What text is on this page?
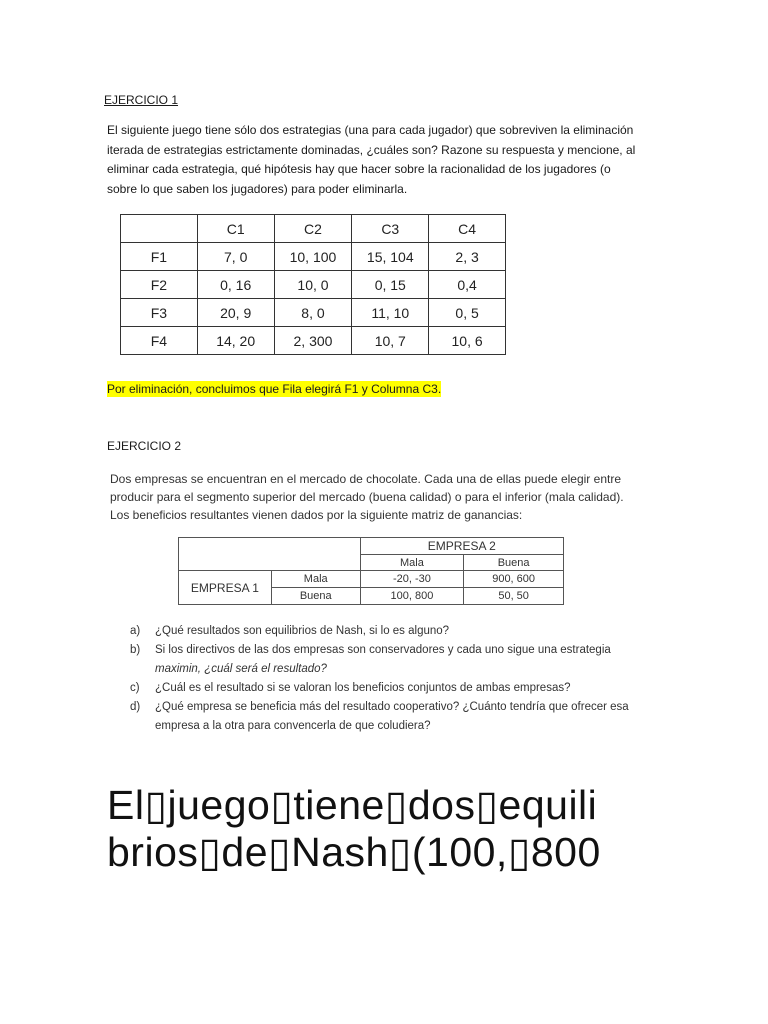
EJERCICIO 1
El siguiente juego tiene sólo dos estrategias (una para cada jugador) que sobreviven la eliminación
iterada de estrategias estrictamente dominadas, ¿cuáles son? Razone su respuesta y mencione, al
eliminar cada estrategia, qué hipótesis hay que hacer sobre la racionalidad de los jugadores (o
sobre lo que saben los jugadores) para poder eliminarla.
	C1	C2	C3	C4
F1	7, 0	10, 100	15, 104	2, 3
F2	0, 16	10, 0	0, 15	0,4
F3	20, 9	8, 0	11, 10	0, 5
F4	14, 20	2, 300	10, 7	10, 6
Por eliminación, concluimos que Fila elegirá F1 y Columna C3.
EJERCICIO 2
Dos empresas se encuentran en el mercado de chocolate. Cada una de ellas puede elegir entre
producir para el segmento superior del mercado (buena calidad) o para el inferior (mala calidad).
Los beneficios resultantes vienen dados por la siguiente matriz de ganancias:
		EMPRESA 2	
		Mala	Buena
EMPRESA 1	Mala	-20, -30	900, 600
	Buena	100, 800	50, 50
a) ¿Qué resultados son equilibrios de Nash, si lo es alguno?
b) Si los directivos de las dos empresas son conservadores y cada uno sigue una estrategia
maximin, ¿cuál será el resultado?
c) ¿Cuál es el resultado si se valoran los beneficios conjuntos de ambas empresas?
d) ¿Qué empresa se beneficia más del resultado cooperativo? ¿Cuánto tendría que ofrecer esa
empresa a la otra para convencerla de que coludiera?
El▯juego▯tiene▯dos▯equili
brios▯de▯Nash▯(100,▯800
